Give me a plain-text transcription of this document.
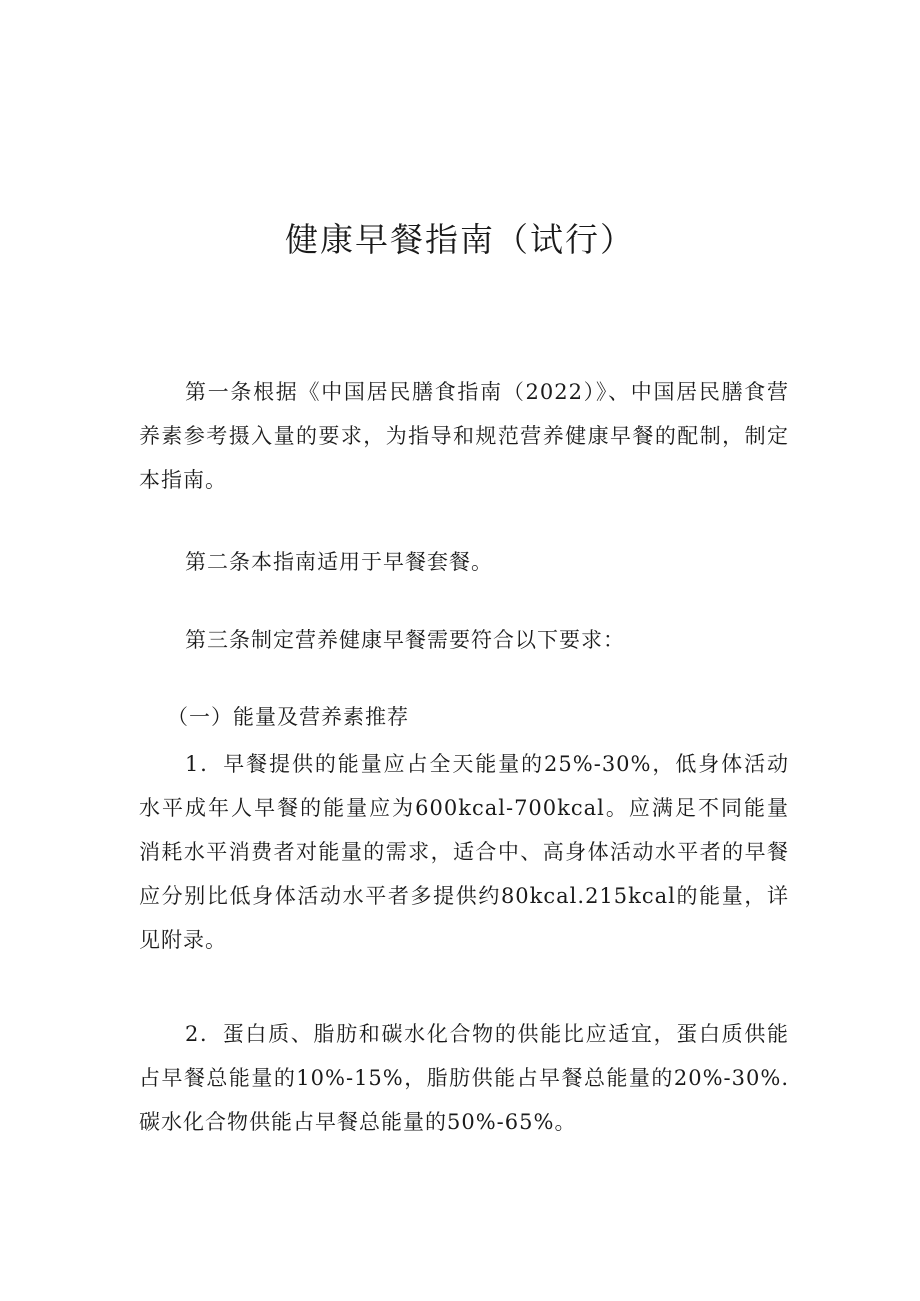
健康早餐指南（试行）

第一条根据《中国居民膳食指南（2022）》、中国居民膳食营养素参考摄入量的要求，为指导和规范营养健康早餐的配制，制定本指南。

第二条本指南适用于早餐套餐。

第三条制定营养健康早餐需要符合以下要求：

（一）能量及营养素推荐

1．早餐提供的能量应占全天能量的25%-30%，低身体活动水平成年人早餐的能量应为600kcal-700kcal。应满足不同能量消耗水平消费者对能量的需求，适合中、高身体活动水平者的早餐应分别比低身体活动水平者多提供约80kcal.215kcal的能量，详见附录。

2．蛋白质、脂肪和碳水化合物的供能比应适宜，蛋白质供能占早餐总能量的10%-15%，脂肪供能占早餐总能量的20%-30%.碳水化合物供能占早餐总能量的50%-65%。
